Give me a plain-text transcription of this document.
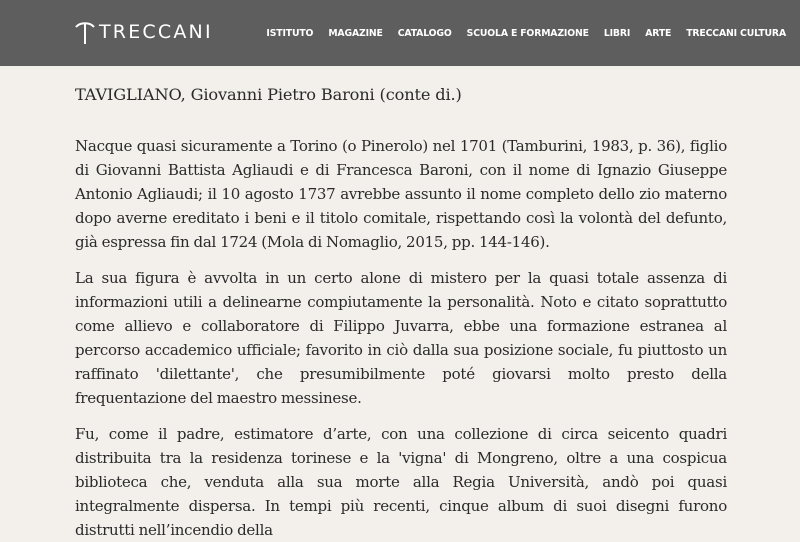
TRECCANI	ISTITUTO MAGAZINE CATALOGO SCUOLA E FORMAZIONE LIBRI ARTE TRECCANI CULTURA
TAVIGLIANO, Giovanni Pietro Baroni (conte di.)

Nacque quasi sicuramente a Torino (o Pinerolo) nel 1701 (Tamburini, 1983, p. 36), figlio di Giovanni Battista Agliaudi e di Francesca Baroni, con il nome di Ignazio Giuseppe Antonio Agliaudi; il 10 agosto 1737 avrebbe assunto il nome completo dello zio materno dopo averne ereditato i beni e il titolo comitale, rispettando così la volontà del defunto, già espressa fin dal 1724 (Mola di Nomaglio, 2015, pp. 144-146).

La sua figura è avvolta in un certo alone di mistero per la quasi totale assenza di informazioni utili a delinearne compiutamente la personalità. Noto e citato soprattutto come allievo e collaboratore di Filippo Juvarra, ebbe una formazione estranea al percorso accademico ufficiale; favorito in ciò dalla sua posizione sociale, fu piuttosto un raffinato 'dilettante', che presumibilmente poté giovarsi molto presto della frequentazione del maestro messinese.

Fu, come il padre, estimatore d’arte, con una collezione di circa seicento quadri distribuita tra la residenza torinese e la 'vigna' di Mongreno, oltre a una cospicua biblioteca che, venduta alla sua morte alla Regia Università, andò poi quasi integralmente dispersa. In tempi più recenti, cinque album di suoi disegni furono distrutti nell’incendio della
